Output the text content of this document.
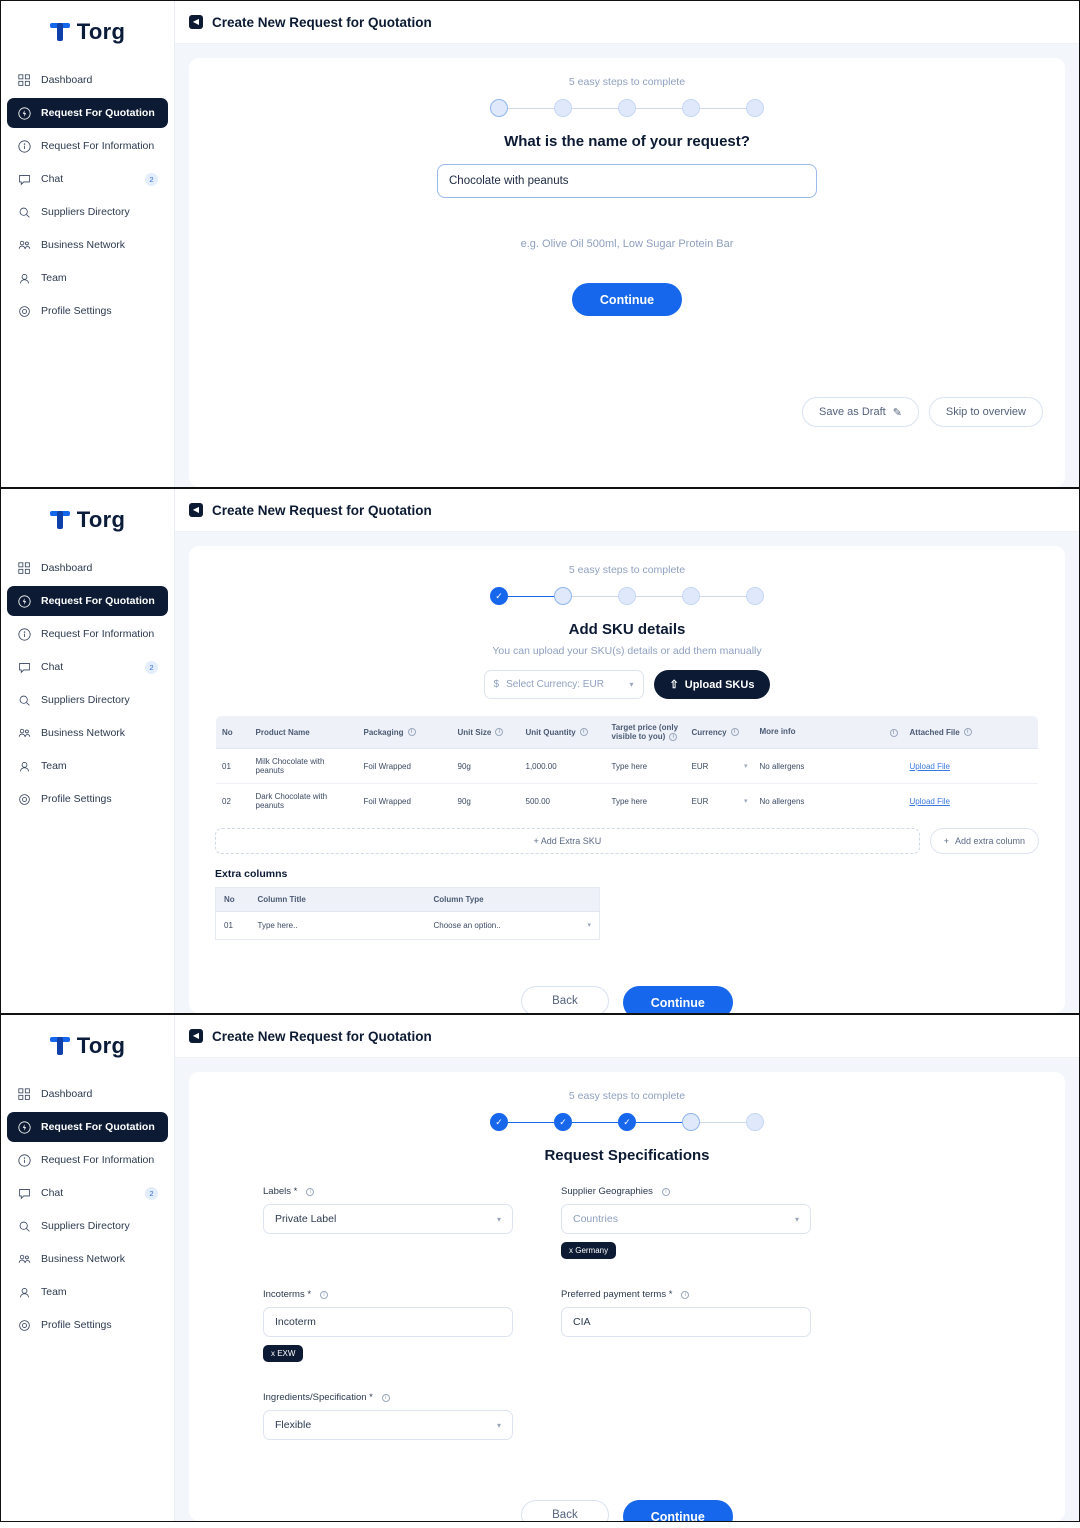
Torg
Dashboard
Request For Quotation
Request For Information
Chat	2
Suppliers Directory
Business Network
Team
Profile Settings
◀ Create New Request for Quotation
5 easy steps to complete
What is the name of your request?
Chocolate with peanuts
e.g. Olive Oil 500ml, Low Sugar Protein Bar
Continue
Save as Draft ✎	Skip to overview
Torg
Dashboard
Request For Quotation
Request For Information
Chat	2
Suppliers Directory
Business Network
Team
Profile Settings
◀ Create New Request for Quotation
5 easy steps to complete
✓
Add SKU details
You can upload your SKU(s) details or add them manually
$ Select Currency: EUR	▾	⇧ Upload SKUs
No	Product Name	Packaging i	Unit Size i	Unit Quantity i	Target price (only visible to you) i	Currency i	More info i	Attached File i
01	Milk Chocolate with peanuts	Foil Wrapped	90g	1,000.00	Type here	EUR ▾	No allergens	Upload File
02	Dark Chocolate with peanuts	Foil Wrapped	90g	500.00	Type here	EUR ▾	No allergens	Upload File
+ Add Extra SKU	+ Add extra column
Extra columns
No	Column Title	Column Type
01	Type here..	Choose an option.. ▾
Back	Continue
Torg
Dashboard
Request For Quotation
Request For Information
Chat	2
Suppliers Directory
Business Network
Team
Profile Settings
◀ Create New Request for Quotation
5 easy steps to complete
✓	✓	✓
Request Specifications
Labels *	i
Private Label	▾
Supplier Geographies	i
Countries	▾
x Germany
Incoterms *	i
Incoterm
x EXW
Preferred payment terms *	i
CIA
Ingredients/Specification *	i
Flexible	▾
Back	Continue
